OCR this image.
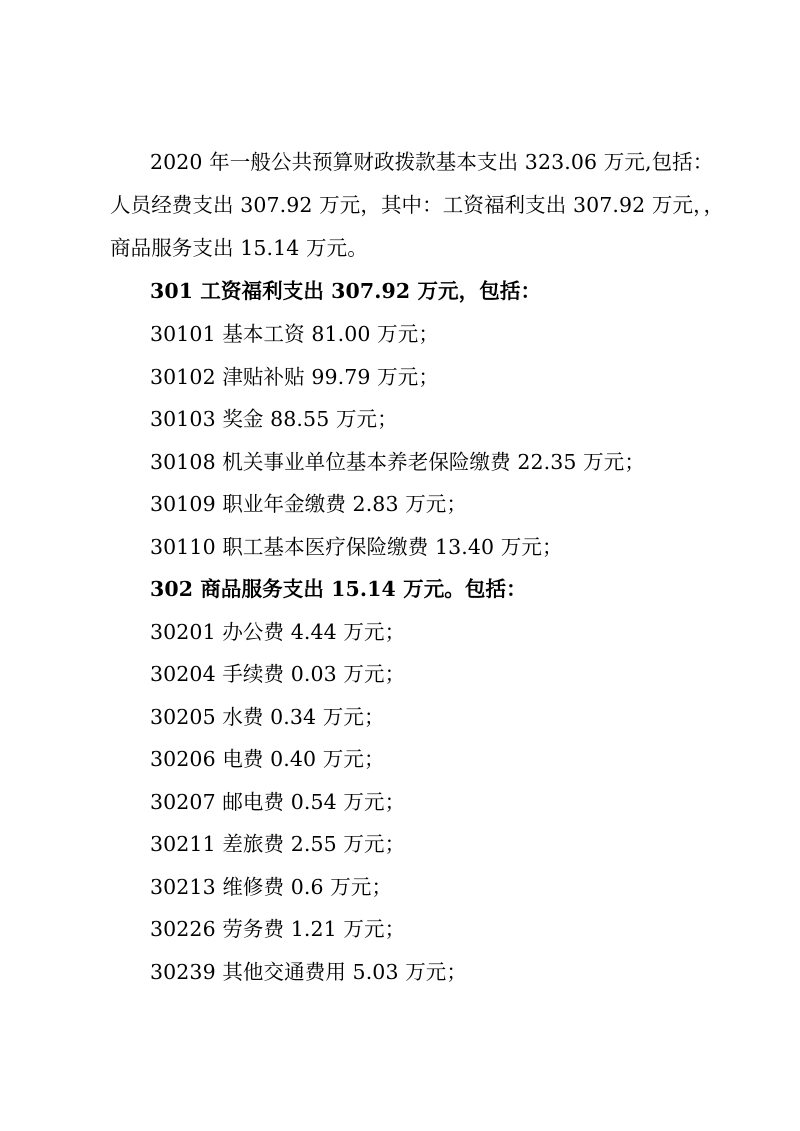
2020 年一般公共预算财政拨款基本支出 323.06 万元,包括：
人员经费支出 307.92 万元，其中：工资福利支出 307.92 万元，，
商品服务支出 15.14 万元。
301 工资福利支出 307.92 万元，包括：
30101 基本工资 81.00 万元；
30102 津贴补贴 99.79 万元；
30103 奖金 88.55 万元；
30108 机关事业单位基本养老保险缴费 22.35 万元；
30109 职业年金缴费 2.83 万元；
30110 职工基本医疗保险缴费 13.40 万元；
302 商品服务支出 15.14 万元。包括：
30201 办公费 4.44 万元；
30204 手续费 0.03 万元；
30205 水费 0.34 万元；
30206 电费 0.40 万元；
30207 邮电费 0.54 万元；
30211 差旅费 2.55 万元；
30213 维修费 0.6 万元；
30226 劳务费 1.21 万元；
30239 其他交通费用 5.03 万元；
